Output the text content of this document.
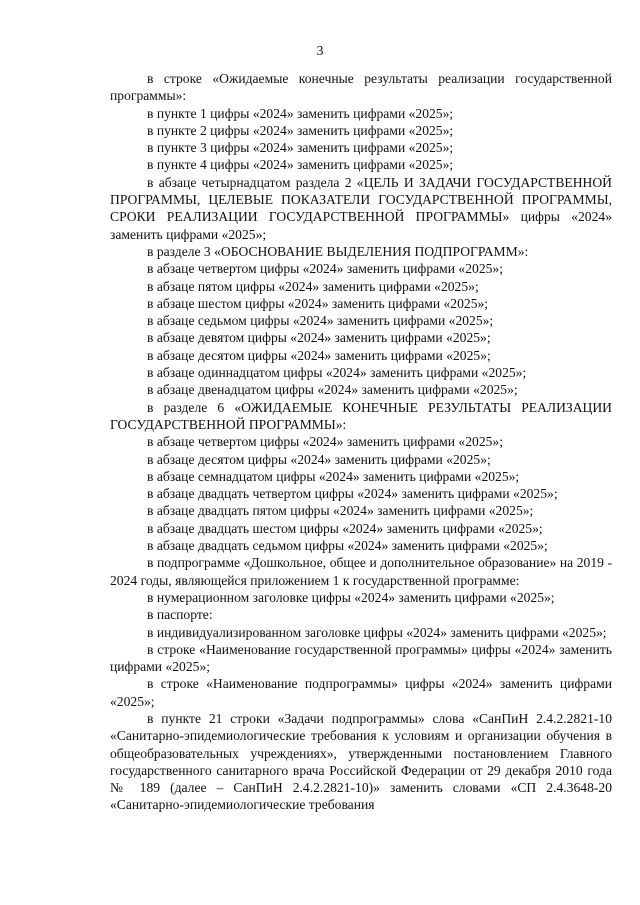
3

в строке «Ожидаемые конечные результаты реализации государственной программы»:

в пункте 1 цифры «2024» заменить цифрами «2025»;

в пункте 2 цифры «2024» заменить цифрами «2025»;

в пункте 3 цифры «2024» заменить цифрами «2025»;

в пункте 4 цифры «2024» заменить цифрами «2025»;

в абзаце четырнадцатом раздела 2 «ЦЕЛЬ И ЗАДАЧИ ГОСУДАРСТВЕННОЙ ПРОГРАММЫ, ЦЕЛЕВЫЕ ПОКАЗАТЕЛИ ГОСУДАРСТВЕННОЙ ПРОГРАММЫ, СРОКИ РЕАЛИЗАЦИИ ГОСУДАРСТВЕННОЙ ПРОГРАММЫ» цифры «2024» заменить цифрами «2025»;

в разделе 3 «ОБОСНОВАНИЕ ВЫДЕЛЕНИЯ ПОДПРОГРАММ»:

в абзаце четвертом цифры «2024» заменить цифрами «2025»;

в абзаце пятом цифры «2024» заменить цифрами «2025»;

в абзаце шестом цифры «2024» заменить цифрами «2025»;

в абзаце седьмом цифры «2024» заменить цифрами «2025»;

в абзаце девятом цифры «2024» заменить цифрами «2025»;

в абзаце десятом цифры «2024» заменить цифрами «2025»;

в абзаце одиннадцатом цифры «2024» заменить цифрами «2025»;

в абзаце двенадцатом цифры «2024» заменить цифрами «2025»;

в разделе 6 «ОЖИДАЕМЫЕ КОНЕЧНЫЕ РЕЗУЛЬТАТЫ РЕАЛИЗАЦИИ ГОСУДАРСТВЕННОЙ ПРОГРАММЫ»:

в абзаце четвертом цифры «2024» заменить цифрами «2025»;

в абзаце десятом цифры «2024» заменить цифрами «2025»;

в абзаце семнадцатом цифры «2024» заменить цифрами «2025»;

в абзаце двадцать четвертом цифры «2024» заменить цифрами «2025»;

в абзаце двадцать пятом цифры «2024» заменить цифрами «2025»;

в абзаце двадцать шестом цифры «2024» заменить цифрами «2025»;

в абзаце двадцать седьмом цифры «2024» заменить цифрами «2025»;

в подпрограмме «Дошкольное, общее и дополнительное образование» на 2019 - 2024 годы, являющейся приложением 1 к государственной программе:

в нумерационном заголовке цифры «2024» заменить цифрами «2025»;

в паспорте:

в индивидуализированном заголовке цифры «2024» заменить цифрами «2025»;

в строке «Наименование государственной программы» цифры «2024» заменить цифрами «2025»;

в строке «Наименование подпрограммы» цифры «2024» заменить цифрами «2025»;

в пункте 21 строки «Задачи подпрограммы» слова «СанПиН 2.4.2.2821-10 «Санитарно-эпидемиологические требования к условиям и организации обучения в общеобразовательных учреждениях», утвержденными постановлением Главного государственного санитарного врача Российской Федерации от 29 декабря 2010 года № 189 (далее – СанПиН 2.4.2.2821-10)» заменить словами «СП 2.4.3648-20 «Санитарно-эпидемиологические требования
